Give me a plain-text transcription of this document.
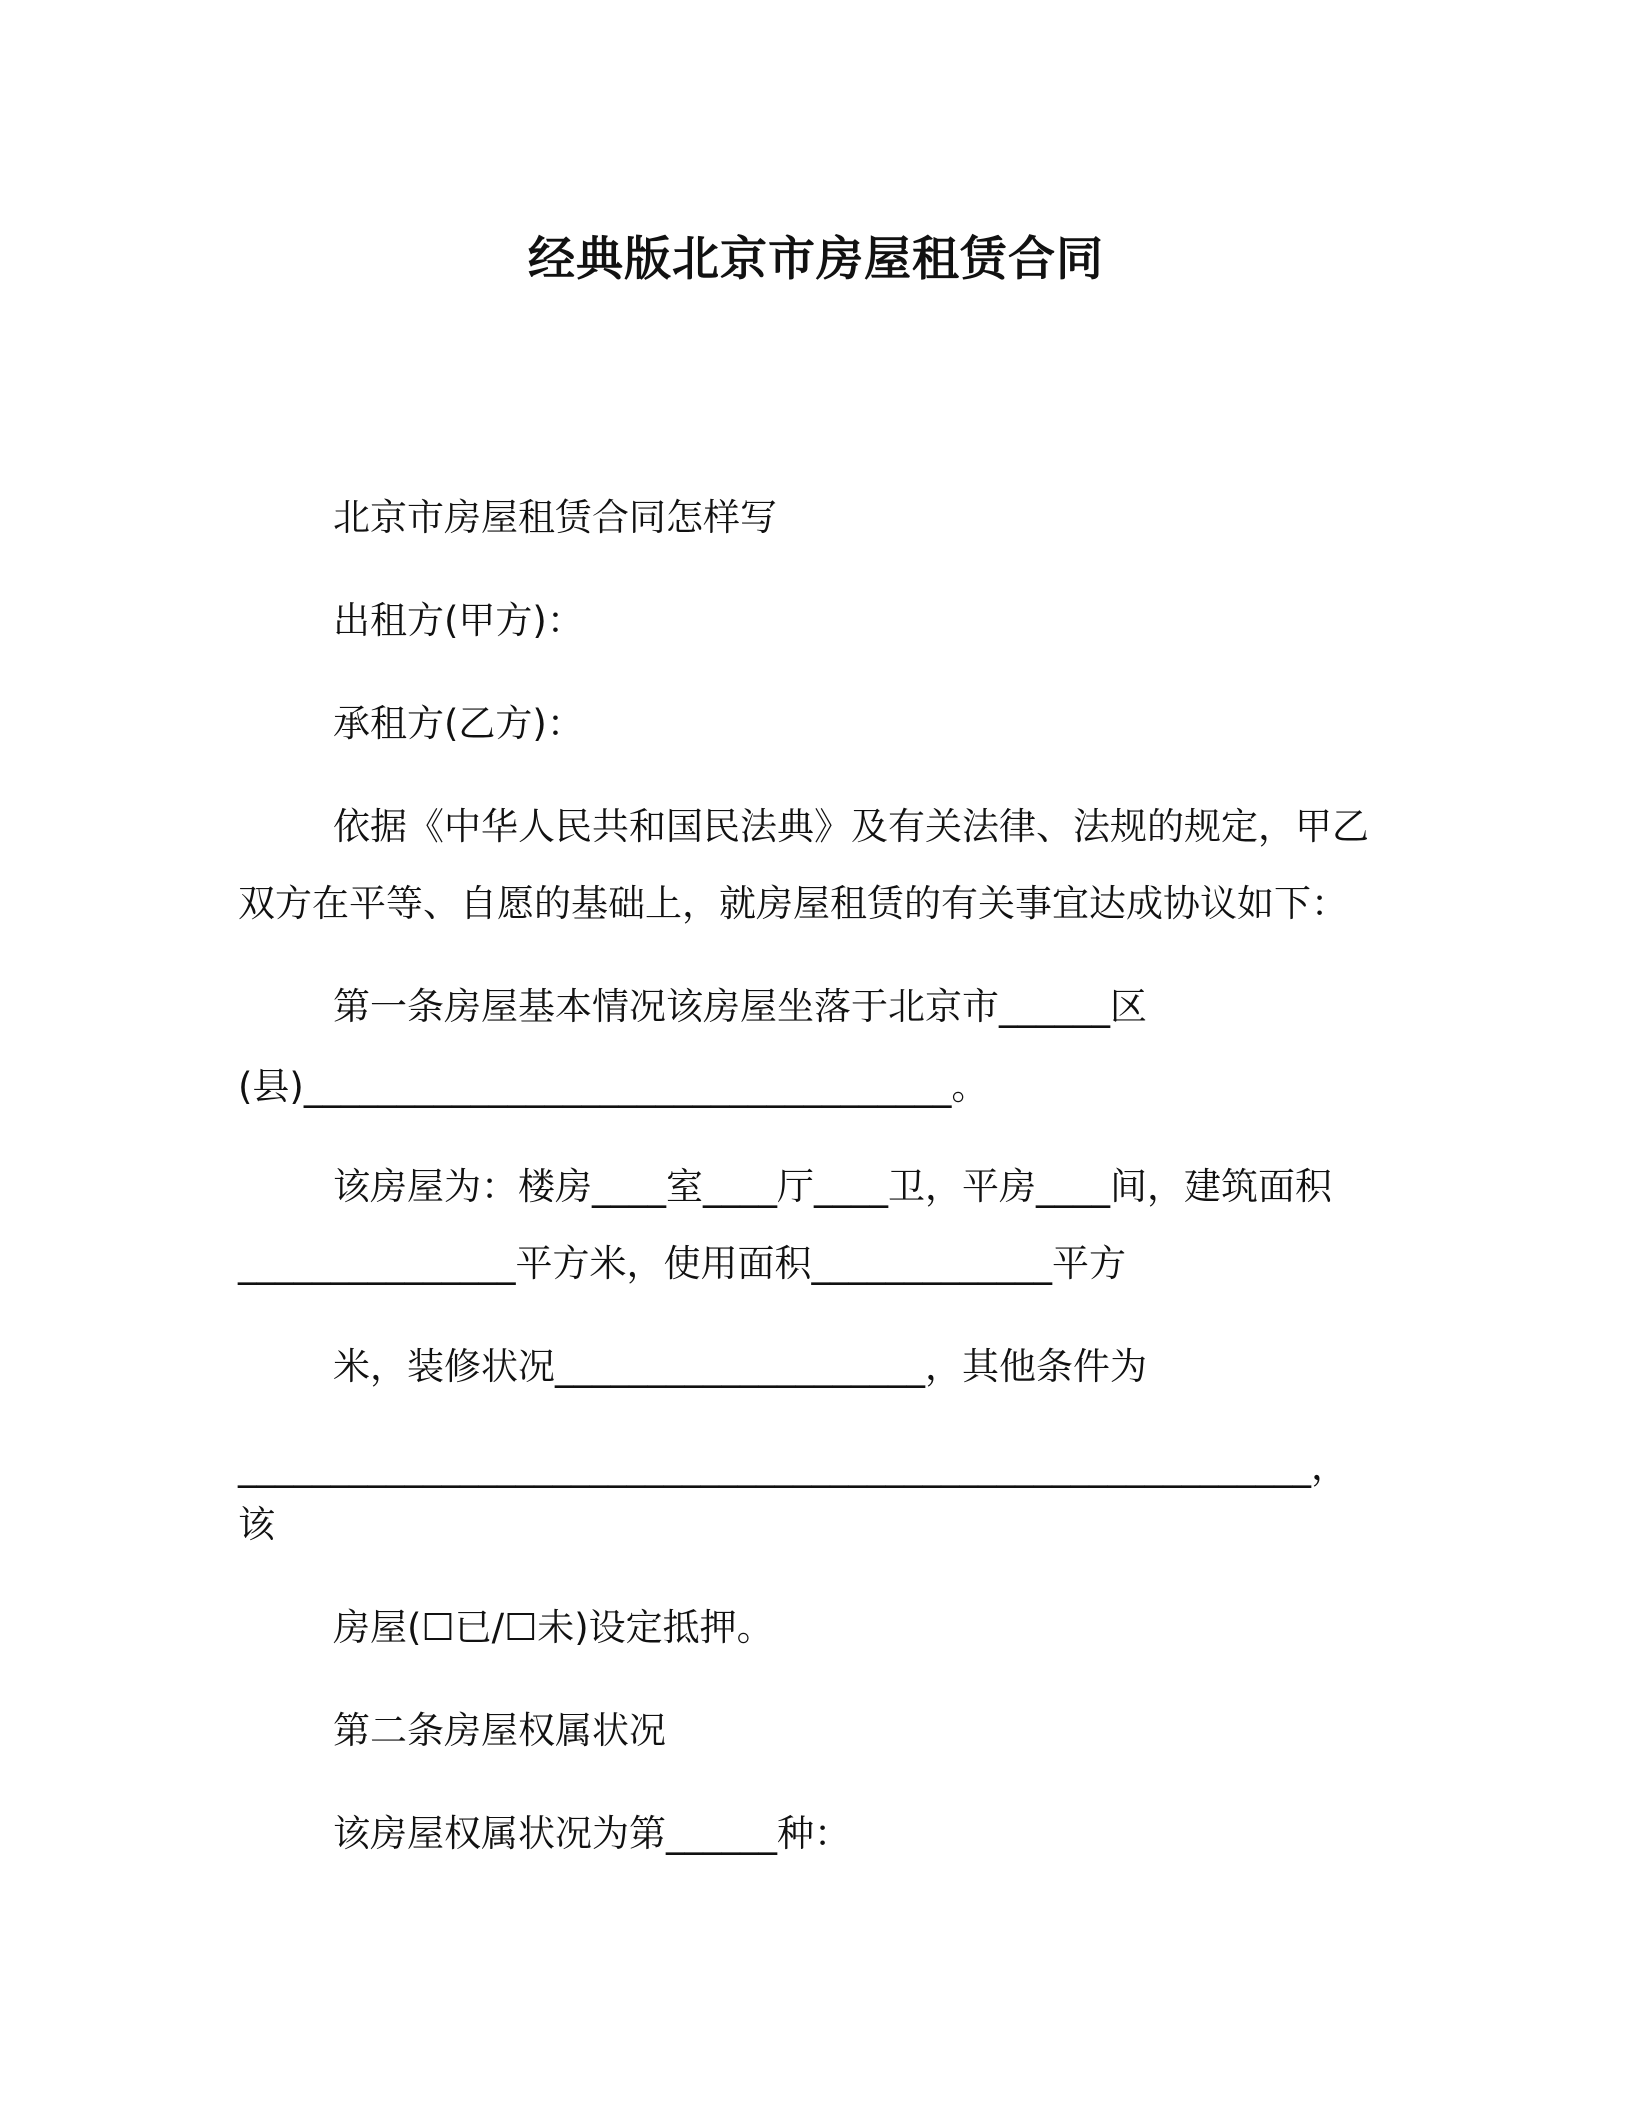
经典版北京市房屋租赁合同
北京市房屋租赁合同怎样写
出租方(甲方)：
承租方(乙方)：
依据《中华人民共和国民法典》及有关法律、法规的规定，甲乙
双方在平等、自愿的基础上，就房屋租赁的有关事宜达成协议如下：
第一条房屋基本情况该房屋坐落于北京市______区
(县)___________________________________。
该房屋为：楼房____室____厅____卫，平房____间，建筑面积
_______________平方米，使用面积_____________平方
米，装修状况____________________，其他条件为
__________________________________________________________，
该
房屋(☐已/☐未)设定抵押。
第二条房屋权属状况
该房屋权属状况为第______种：
